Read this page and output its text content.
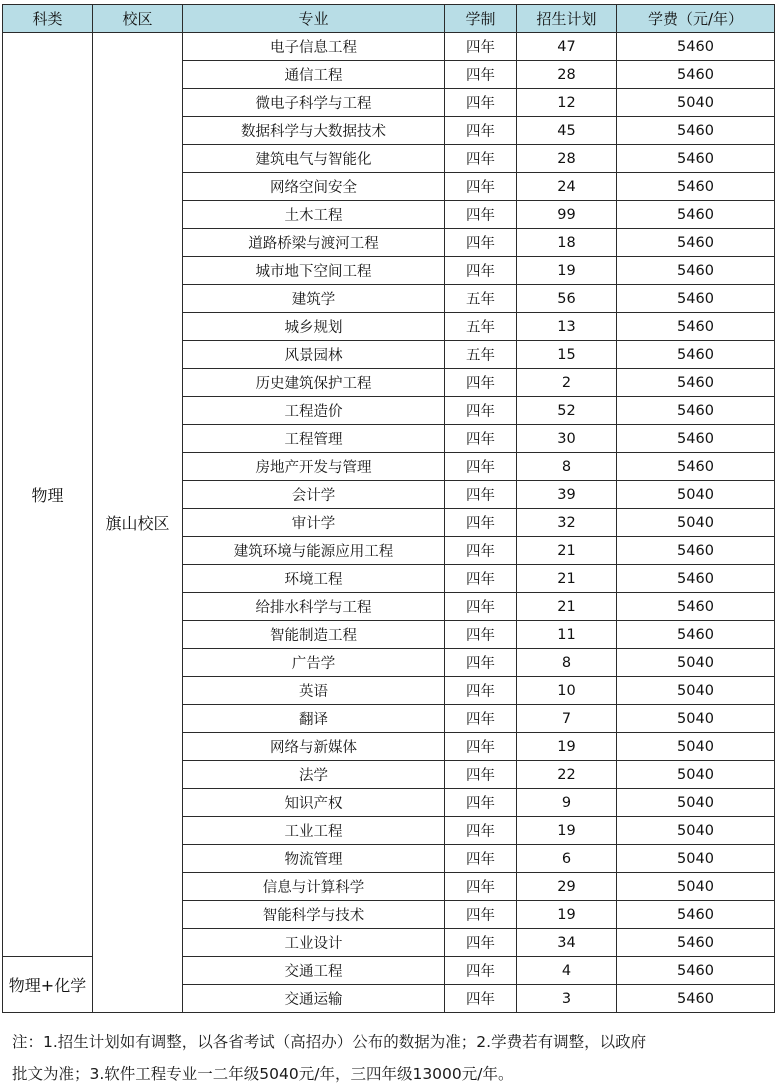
科类	校区	专业	学制	招生计划	学费（元/年）
物理	旗山校区	电子信息工程	四年	47	5460
		通信工程	四年	28	5460
		微电子科学与工程	四年	12	5040
		数据科学与大数据技术	四年	45	5460
		建筑电气与智能化	四年	28	5460
		网络空间安全	四年	24	5460
		土木工程	四年	99	5460
		道路桥梁与渡河工程	四年	18	5460
		城市地下空间工程	四年	19	5460
		建筑学	五年	56	5460
		城乡规划	五年	13	5460
		风景园林	五年	15	5460
		历史建筑保护工程	四年	2	5460
		工程造价	四年	52	5460
		工程管理	四年	30	5460
		房地产开发与管理	四年	8	5460
		会计学	四年	39	5040
		审计学	四年	32	5040
		建筑环境与能源应用工程	四年	21	5460
		环境工程	四年	21	5460
		给排水科学与工程	四年	21	5460
		智能制造工程	四年	11	5460
		广告学	四年	8	5040
		英语	四年	10	5040
		翻译	四年	7	5040
		网络与新媒体	四年	19	5040
		法学	四年	22	5040
		知识产权	四年	9	5040
		工业工程	四年	19	5040
		物流管理	四年	6	5040
		信息与计算科学	四年	29	5040
		智能科学与技术	四年	19	5460
		工业设计	四年	34	5460
物理+化学		交通工程	四年	4	5460
		交通运输	四年	3	5460

注：1.招生计划如有调整，以各省考试（高招办）公布的数据为准；2.学费若有调整，以政府

批文为准；3.软件工程专业一二年级5040元/年，三四年级13000元/年。
